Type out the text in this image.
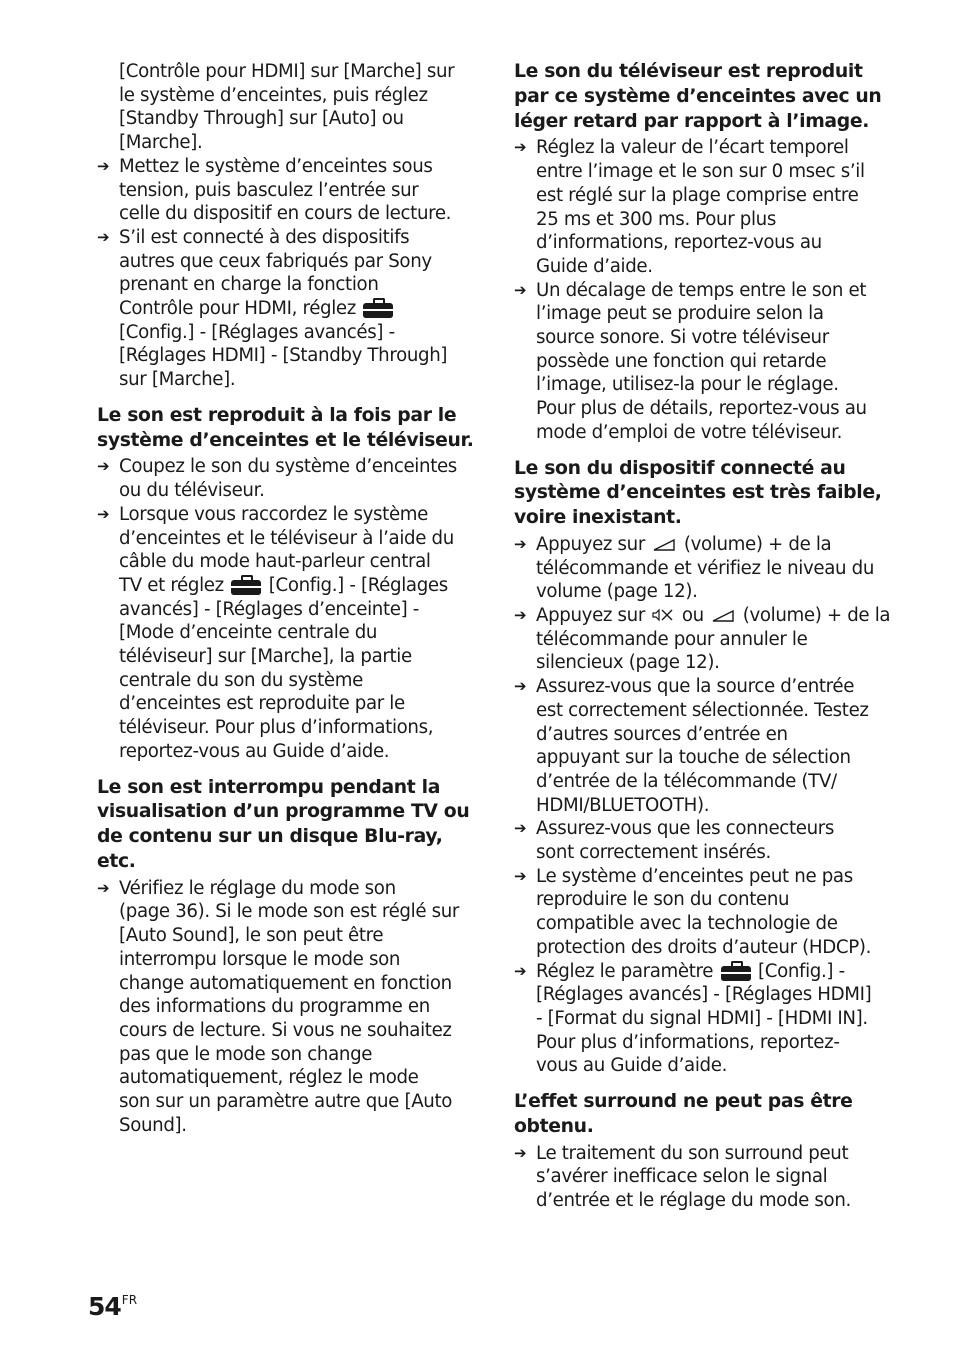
[Contrôle pour HDMI] sur [Marche] sur
le système d’enceintes, puis réglez
[Standby Through] sur [Auto] ou
[Marche].
➔ Mettez le système d’enceintes sous
tension, puis basculez l’entrée sur
celle du dispositif en cours de lecture.
➔ S’il est connecté à des dispositifs
autres que ceux fabriqués par Sony
prenant en charge la fonction
Contrôle pour HDMI, réglez
[Config.] - [Réglages avancés] -
[Réglages HDMI] - [Standby Through]
sur [Marche].
Le son est reproduit à la fois par le
système d’enceintes et le téléviseur.
➔ Coupez le son du système d’enceintes
ou du téléviseur.
➔ Lorsque vous raccordez le système
d’enceintes et le téléviseur à l’aide du
câble du mode haut-parleur central
TV et réglez [Config.] - [Réglages
avancés] - [Réglages d’enceinte] -
[Mode d’enceinte centrale du
téléviseur] sur [Marche], la partie
centrale du son du système
d’enceintes est reproduite par le
téléviseur. Pour plus d’informations,
reportez-vous au Guide d’aide.
Le son est interrompu pendant la
visualisation d’un programme TV ou
de contenu sur un disque Blu-ray,
etc.
➔ Vérifiez le réglage du mode son
(page 36). Si le mode son est réglé sur
[Auto Sound], le son peut être
interrompu lorsque le mode son
change automatiquement en fonction
des informations du programme en
cours de lecture. Si vous ne souhaitez
pas que le mode son change
automatiquement, réglez le mode
son sur un paramètre autre que [Auto
Sound].
Le son du téléviseur est reproduit
par ce système d’enceintes avec un
léger retard par rapport à l’image.
➔ Réglez la valeur de l’écart temporel
entre l’image et le son sur 0 msec s’il
est réglé sur la plage comprise entre
25 ms et 300 ms. Pour plus
d’informations, reportez-vous au
Guide d’aide.
➔ Un décalage de temps entre le son et
l’image peut se produire selon la
source sonore. Si votre téléviseur
possède une fonction qui retarde
l’image, utilisez-la pour le réglage.
Pour plus de détails, reportez-vous au
mode d’emploi de votre téléviseur.
Le son du dispositif connecté au
système d’enceintes est très faible,
voire inexistant.
➔ Appuyez sur (volume) + de la
télécommande et vérifiez le niveau du
volume (page 12).
➔ Appuyez sur ou (volume) + de la
télécommande pour annuler le
silencieux (page 12).
➔ Assurez-vous que la source d’entrée
est correctement sélectionnée. Testez
d’autres sources d’entrée en
appuyant sur la touche de sélection
d’entrée de la télécommande (TV/
HDMI/BLUETOOTH).
➔ Assurez-vous que les connecteurs
sont correctement insérés.
➔ Le système d’enceintes peut ne pas
reproduire le son du contenu
compatible avec la technologie de
protection des droits d’auteur (HDCP).
➔ Réglez le paramètre [Config.] -
[Réglages avancés] - [Réglages HDMI]
- [Format du signal HDMI] - [HDMI IN].
Pour plus d’informations, reportez-
vous au Guide d’aide.
L’effet surround ne peut pas être
obtenu.
➔ Le traitement du son surround peut
s’avérer inefficace selon le signal
d’entrée et le réglage du mode son.
$54^{FR}$
